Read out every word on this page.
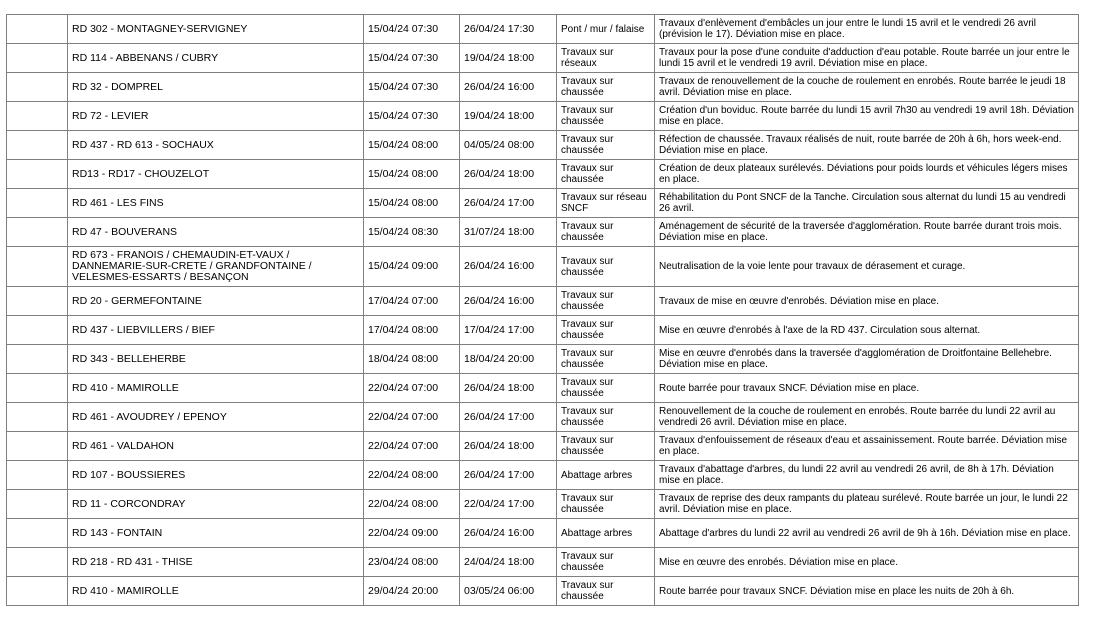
	RD 302 - MONTAGNEY-SERVIGNEY	15/04/24 07:30	26/04/24 17:30	Pont / mur / falaise	Travaux d'enlèvement d'embâcles un jour entre le lundi 15 avril et le vendredi 26 avril (prévision le 17). Déviation mise en place.
	RD 114 - ABBENANS / CUBRY	15/04/24 07:30	19/04/24 18:00	Travaux sur réseaux	Travaux pour la pose d'une conduite d'adduction d'eau potable. Route barrée un jour entre le lundi 15 avril et le vendredi 19 avril. Déviation mise en place.
	RD 32 - DOMPREL	15/04/24 07:30	26/04/24 16:00	Travaux sur chaussée	Travaux de renouvellement de la couche de roulement en enrobés. Route barrée le jeudi 18 avril. Déviation mise en place.
	RD 72 - LEVIER	15/04/24 07:30	19/04/24 18:00	Travaux sur chaussée	Création d'un boviduc. Route barrée du lundi 15 avril 7h30 au vendredi 19 avril 18h. Déviation mise en place.
	RD 437 - RD 613 - SOCHAUX	15/04/24 08:00	04/05/24 08:00	Travaux sur chaussée	Réfection de chaussée. Travaux réalisés de nuit, route barrée de 20h à 6h, hors week-end. Déviation mise en place.
	RD13 - RD17 - CHOUZELOT	15/04/24 08:00	26/04/24 18:00	Travaux sur chaussée	Création de deux plateaux surélevés. Déviations pour poids lourds et véhicules légers mises en place.
	RD 461 - LES FINS	15/04/24 08:00	26/04/24 17:00	Travaux sur réseau SNCF	Réhabilitation du Pont SNCF de la Tanche. Circulation sous alternat du lundi 15 au vendredi 26 avril.
	RD 47 - BOUVERANS	15/04/24 08:30	31/07/24 18:00	Travaux sur chaussée	Aménagement de sécurité de la traversée d'agglomération. Route barrée durant trois mois. Déviation mise en place.
	RD 673 - FRANOIS / CHEMAUDIN-ET-VAUX / DANNEMARIE-SUR-CRETE / GRANDFONTAINE / VELESMES-ESSARTS / BESANÇON	15/04/24 09:00	26/04/24 16:00	Travaux sur chaussée	Neutralisation de la voie lente pour travaux de dérasement et curage.
	RD 20 - GERMEFONTAINE	17/04/24 07:00	26/04/24 16:00	Travaux sur chaussée	Travaux de mise en œuvre d'enrobés. Déviation mise en place.
	RD 437 - LIEBVILLERS / BIEF	17/04/24 08:00	17/04/24 17:00	Travaux sur chaussée	Mise en œuvre d'enrobés à l'axe de la RD 437. Circulation sous alternat.
	RD 343 - BELLEHERBE	18/04/24 08:00	18/04/24 20:00	Travaux sur chaussée	Mise en œuvre d'enrobés dans la traversée d'agglomération de Droitfontaine Bellehebre. Déviation mise en place.
	RD 410 - MAMIROLLE	22/04/24 07:00	26/04/24 18:00	Travaux sur chaussée	Route barrée pour travaux SNCF. Déviation mise en place.
	RD 461 - AVOUDREY / EPENOY	22/04/24 07:00	26/04/24 17:00	Travaux sur chaussée	Renouvellement de la couche de roulement en enrobés. Route barrée du lundi 22 avril au vendredi 26 avril. Déviation mise en place.
	RD 461 - VALDAHON	22/04/24 07:00	26/04/24 18:00	Travaux sur chaussée	Travaux d'enfouissement de réseaux d'eau et assainissement. Route barrée. Déviation mise en place.
	RD 107 - BOUSSIERES	22/04/24 08:00	26/04/24 17:00	Abattage arbres	Travaux d'abattage d'arbres, du lundi 22 avril au vendredi 26 avril, de 8h à 17h. Déviation mise en place.
	RD 11 - CORCONDRAY	22/04/24 08:00	22/04/24 17:00	Travaux sur chaussée	Travaux de reprise des deux rampants du plateau surélevé. Route barrée un jour, le lundi 22 avril. Déviation mise en place.
	RD 143 - FONTAIN	22/04/24 09:00	26/04/24 16:00	Abattage arbres	Abattage d'arbres du lundi 22 avril au vendredi 26 avril de 9h à 16h. Déviation mise en place.
	RD 218 - RD 431 - THISE	23/04/24 08:00	24/04/24 18:00	Travaux sur chaussée	Mise en œuvre des enrobés. Déviation mise en place.
	RD 410 - MAMIROLLE	29/04/24 20:00	03/05/24 06:00	Travaux sur chaussée	Route barrée pour travaux SNCF. Déviation mise en place les nuits de 20h à 6h.
